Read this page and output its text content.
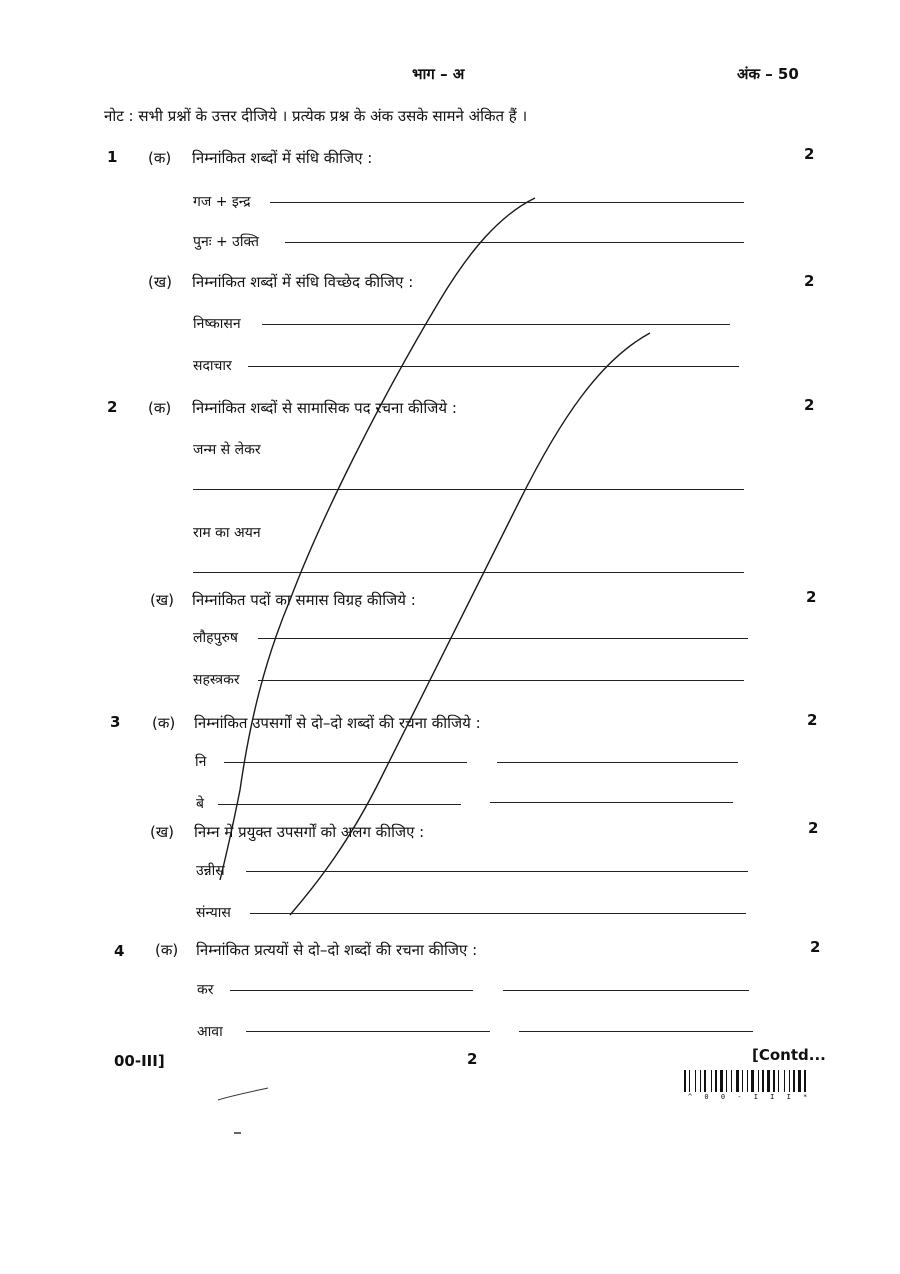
भाग – अ	अंक – 50
नोट : सभी प्रश्नों के उत्तर दीजिये । प्रत्येक प्रश्न के अंक उसके सामने अंकित हैं ।
1 (क) निम्नांकित शब्दों में संधि कीजिए :	2
गज + इन्द्र
पुनः + उक्ति
(ख) निम्नांकित शब्दों में संधि विच्छेद कीजिए :	2
निष्कासन
सदाचार
2 (क) निम्नांकित शब्दों से सामासिक पद रचना कीजिये :	2
जन्म से लेकर
राम का अयन
(ख) निम्नांकित पदों का समास विग्रह कीजिये :	2
लौहपुरुष
सहस्त्रकर
3 (क) निम्नांकित उपसर्गों से दो–दो शब्दों की रचना कीजिये :	2
नि
बे
(ख) निम्न में प्रयुक्त उपसर्गों को अलग कीजिए :	2
उन्नीस
संन्यास
4 (क) निम्नांकित प्रत्ययों से दो–दो शब्दों की रचना कीजिए :	2
कर
आवा
00-III]	2	[Contd...
^ 0 0 - I I I *
